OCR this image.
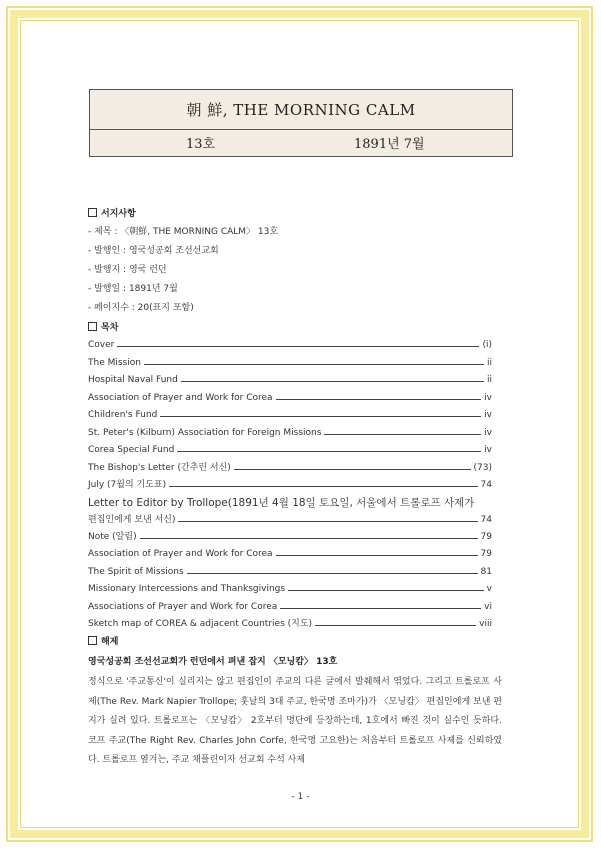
朝 鮮, THE MORNING CALM
13호	1891년 7월
서지사항
- 제목 : 〈朝鮮, THE MORNING CALM〉 13호
- 발행인 : 영국성공회 조선선교회
- 발행지 : 영국 런던
- 발행일 : 1891년 7월
- 페이지수 : 20(표지 포함)
목차
Cover	(i)
The Mission	ii
Hospital Naval Fund	ii
Association of Prayer and Work for Corea	iv
Children's Fund	iv
St. Peter's (Kilburn) Association for Foreign Missions	iv
Corea Special Fund	iv
The Bishop's Letter (간추린 서신)	(73)
July (7월의 기도표)	74
Letter to Editor by Trollope(1891년 4월 18일 토요일, 서울에서 트롤로프 사제가
편집인에게 보낸 서신)	74
Note (알림)	79
Association of Prayer and Work for Corea	79
The Spirit of Missions	81
Missionary Intercessions and Thanksgivings	v
Associations of Prayer and Work for Corea	vi
Sketch map of COREA & adjacent Countries (지도)	viii
해제
영국성공회 조선선교회가 런던에서 펴낸 잡지 〈모닝캄〉 13호
정식으로 '주교통신'이 실리지는 않고 편집인이 주교의 다른 글에서 발췌해서 엮었다. 그리고 트롤로프 사제(The Rev. Mark Napier Trollope; 훗날의 3대 주교, 한국명 조마가)가 〈모닝캄〉 편집인에게 보낸 편지가 실려 있다. 트롤로프는 〈모닝캄〉 2호부터 명단에 등장하는데, 1호에서 빠진 것이 실수인 듯하다. 코프 주교(The Right Rev. Charles John Corfe, 한국명 고요한)는 처음부터 트롤로프 사제를 신뢰하였다. 트롤로프 옆겨는, 주교 채플린이자 선교회 수석 사제
- 1 -
